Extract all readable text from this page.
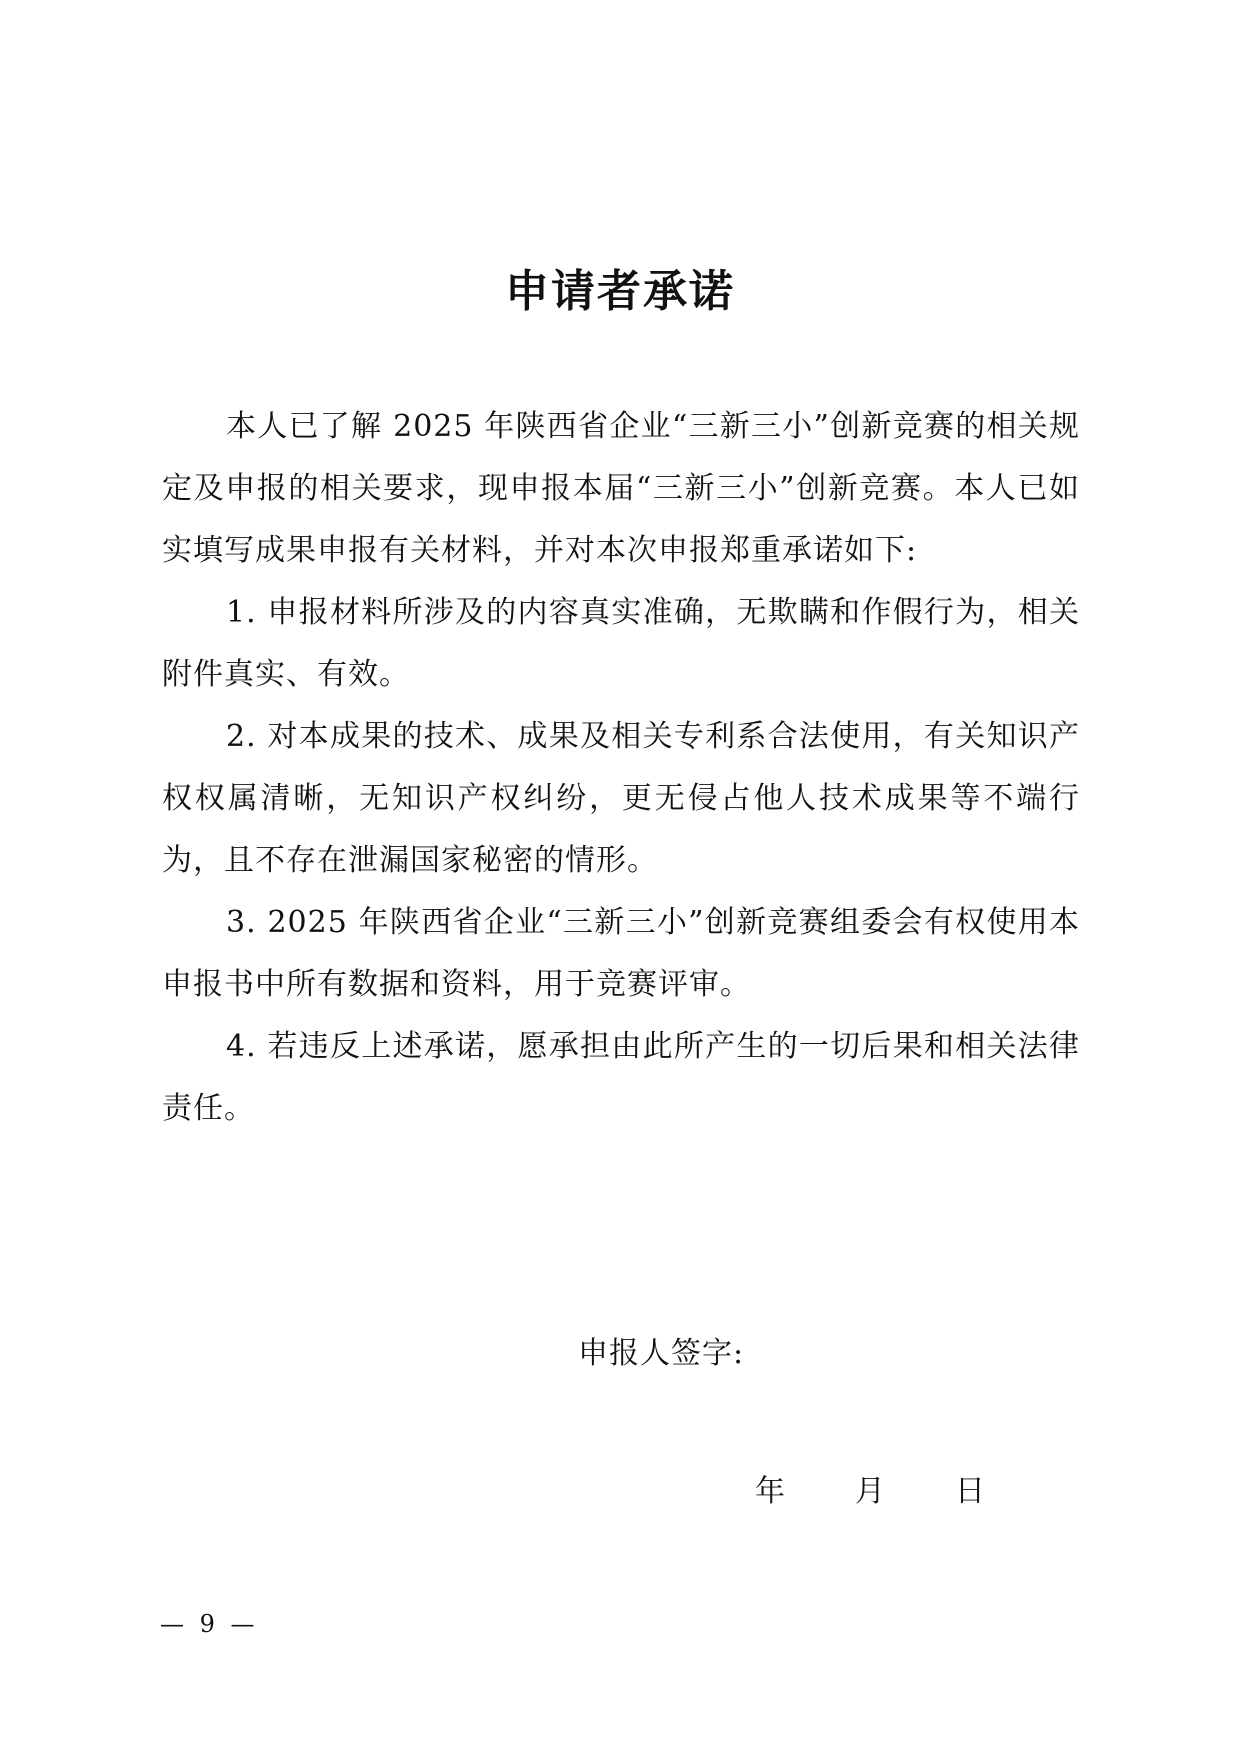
申请者承诺

本人已了解 2025 年陕西省企业“三新三小”创新竞赛的相关规定及申报的相关要求，现申报本届“三新三小”创新竞赛。本人已如实填写成果申报有关材料，并对本次申报郑重承诺如下:

1. 申报材料所涉及的内容真实准确，无欺瞒和作假行为，相关附件真实、有效。

2. 对本成果的技术、成果及相关专利系合法使用，有关知识产权权属清晰，无知识产权纠纷，更无侵占他人技术成果等不端行为，且不存在泄漏国家秘密的情形。

3. 2025 年陕西省企业“三新三小”创新竞赛组委会有权使用本申报书中所有数据和资料，用于竞赛评审。

4. 若违反上述承诺，愿承担由此所产生的一切后果和相关法律责任。

申报人签字:
年	月	日
— 9 —
